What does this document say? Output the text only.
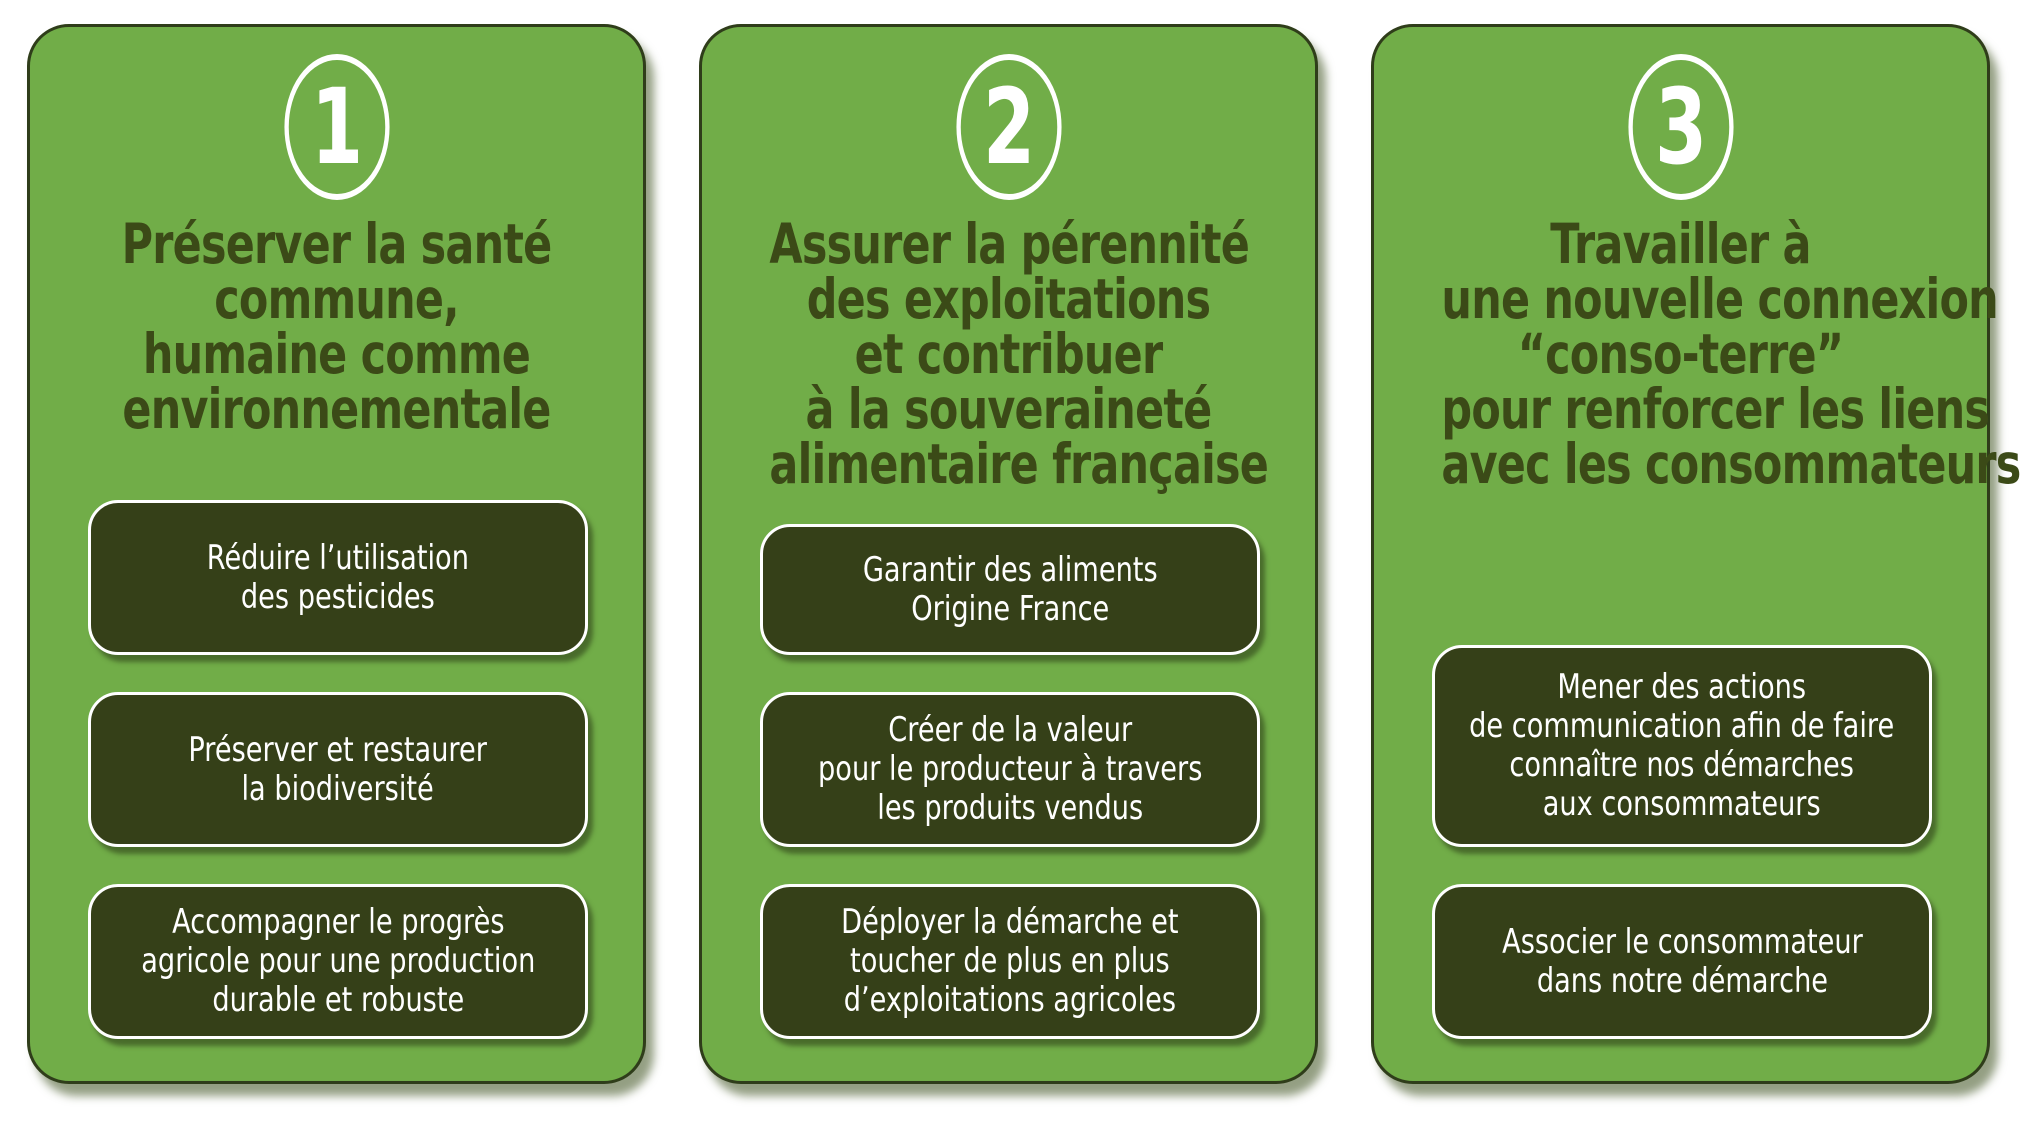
1
Préserver la santé
commune,
humaine comme
environnementale
Réduire l’utilisation
des pesticides
Préserver et restaurer
la biodiversité
Accompagner le progrès
agricole pour une production
durable et robuste
2
Assurer la pérennité
des exploitations
et contribuer
à la souveraineté
alimentaire française
Garantir des aliments
Origine France
Créer de la valeur
pour le producteur à travers
les produits vendus
Déployer la démarche et
toucher de plus en plus
d’exploitations agricoles
3
Travailler à
une nouvelle connexion
“conso-terre”
pour renforcer les liens
avec les consommateurs
Mener des actions
de communication afin de faire
connaître nos démarches
aux consommateurs
Associer le consommateur
dans notre démarche
